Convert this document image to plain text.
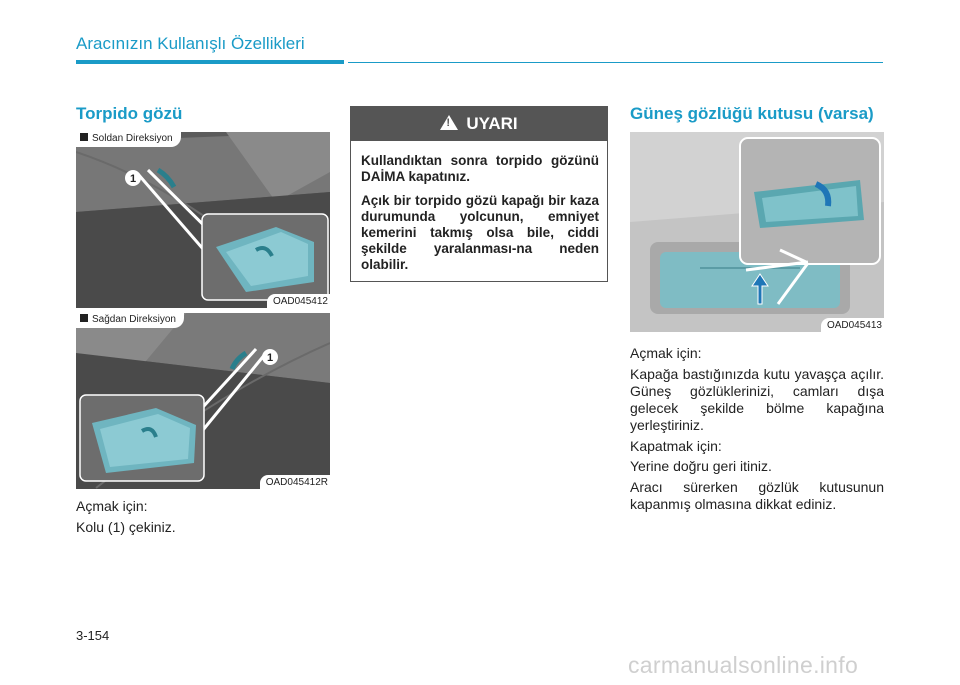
Aracınızın Kullanışlı Özellikleri
Torpido gözü
1
Soldan Direksiyon
OAD045412
1
Sağdan Direksiyon
OAD045412R
Açmak için:
Kolu (1) çekiniz.
!UYARI
Kullandıktan sonra torpido gözünü DAİMA kapatınız.
Açık bir torpido gözü kapağı bir kaza durumunda yolcunun, emniyet kemerini takmış olsa bile, ciddi şekilde yaralanması-na neden olabilir.
Güneş gözlüğü kutusu (varsa)
OAD045413
Açmak için:
Kapağa bastığınızda kutu yavaşça açılır. Güneş gözlüklerinizi, camları dışa gelecek şekilde bölme kapağına yerleştiriniz.
Kapatmak için:
Yerine doğru geri itiniz.
Aracı sürerken gözlük kutusunun kapanmış olmasına dikkat ediniz.
3-154
carmanualsonline.info
